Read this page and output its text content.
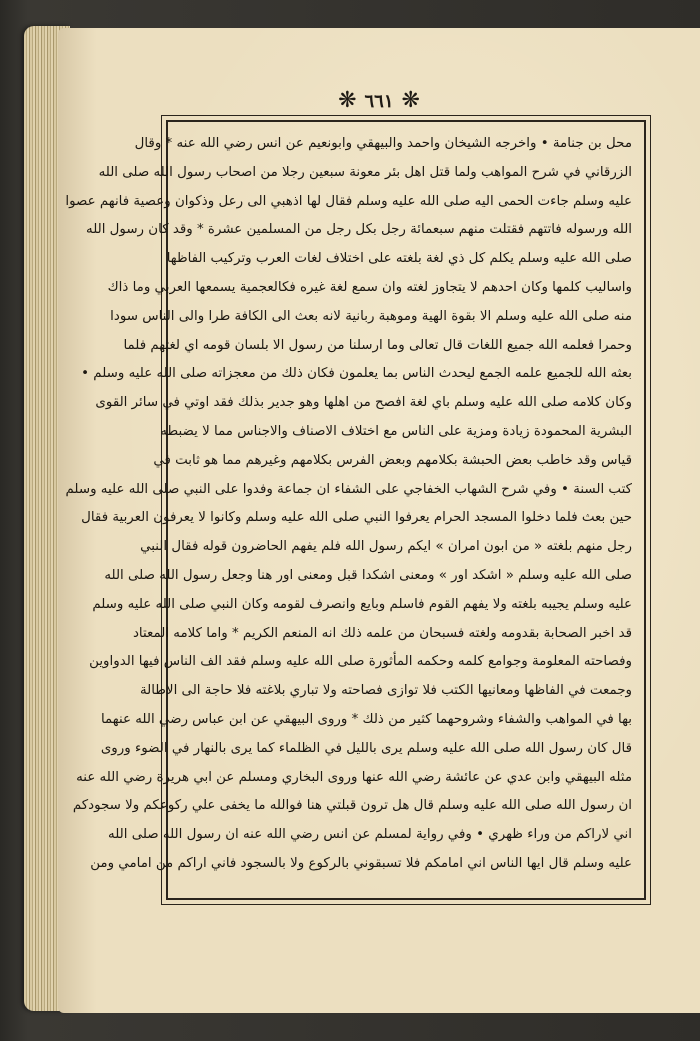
❋
٦٦١
❋
محل بن جنامة • واخرجه الشيخان واحمد والبيهقي وابونعيم عن انس رضي الله عنه * وقال
الزرقاني في شرح المواهب ولما قتل اهل بئر معونة سبعين رجلا من اصحاب رسول الله صلى الله
عليه وسلم جاءت الحمى اليه صلى الله عليه وسلم فقال لها اذهبي الى رعل وذكوان وعصية فانهم عصوا
الله ورسوله فاتتهم فقتلت منهم سبعمائة رجل بكل رجل من المسلمين عشرة * وقد كان رسول الله
صلى الله عليه وسلم يكلم كل ذي لغة بلغته على اختلاف لغات العرب وتركيب الفاظها
واساليب كلمها وكان احدهم لا يتجاوز لغته وان سمع لغة غيره فكالعجمية يسمعها العربي وما ذاك
منه صلى الله عليه وسلم الا بقوة الهية وموهبة ربانية لانه بعث الى الكافة طرا والى الناس سودا
وحمرا فعلمه الله جميع اللغات قال تعالى وما ارسلنا من رسول الا بلسان قومه اي لغتهم فلما
بعثه الله للجميع علمه الجمع ليحدث الناس بما يعلمون فكان ذلك من معجزاته صلى الله عليه وسلم •
وكان كلامه صلى الله عليه وسلم باي لغة افصح من اهلها وهو جدير بذلك فقد اوتي في سائر القوى
البشرية المحمودة زيادة ومزية على الناس مع اختلاف الاصناف والاجناس مما لا يضبطه
قياس وقد خاطب بعض الحبشة بكلامهم وبعض الفرس بكلامهم وغيرهم مما هو ثابت في
كتب السنة • وفي شرح الشهاب الخفاجي على الشفاء ان جماعة وفدوا على النبي صلى الله عليه وسلم
حين بعث فلما دخلوا المسجد الحرام يعرفوا النبي صلى الله عليه وسلم وكانوا لا يعرفون العربية فقال
رجل منهم بلغته « من ابون امران » ايكم رسول الله فلم يفهم الحاضرون قوله فقال النبي
صلى الله عليه وسلم « اشكد اور » ومعنى اشكدا قبل ومعنى اور هنا وجعل رسول الله صلى الله
عليه وسلم يجيبه بلغته ولا يفهم القوم فاسلم وبايع وانصرف لقومه وكان النبي صلى الله عليه وسلم
قد اخبر الصحابة بقدومه ولغته فسبحان من علمه ذلك انه المنعم الكريم * واما كلامه المعتاد
وفصاحته المعلومة وجوامع كلمه وحكمه المأثورة صلى الله عليه وسلم فقد الف الناس فيها الدواوين
وجمعت في الفاظها ومعانيها الكتب فلا توازى فصاحته ولا تباري بلاغته فلا حاجة الى الاطالة
بها في المواهب والشفاء وشروحهما كثير من ذلك * وروى البيهقي عن ابن عباس رضي الله عنهما
قال كان رسول الله صلى الله عليه وسلم يرى بالليل في الظلماء كما يرى بالنهار في الضوء وروى
مثله البيهقي وابن عدي عن عائشة رضي الله عنها وروى البخاري ومسلم عن ابي هريرة رضي الله عنه
ان رسول الله صلى الله عليه وسلم قال هل ترون قبلتي هنا فوالله ما يخفى علي ركوعكم ولا سجودكم
اني لاراكم من وراء ظهري • وفي رواية لمسلم عن انس رضي الله عنه ان رسول الله صلى الله
عليه وسلم قال ايها الناس اني امامكم فلا تسبقوني بالركوع ولا بالسجود فاني اراكم من امامي ومن
